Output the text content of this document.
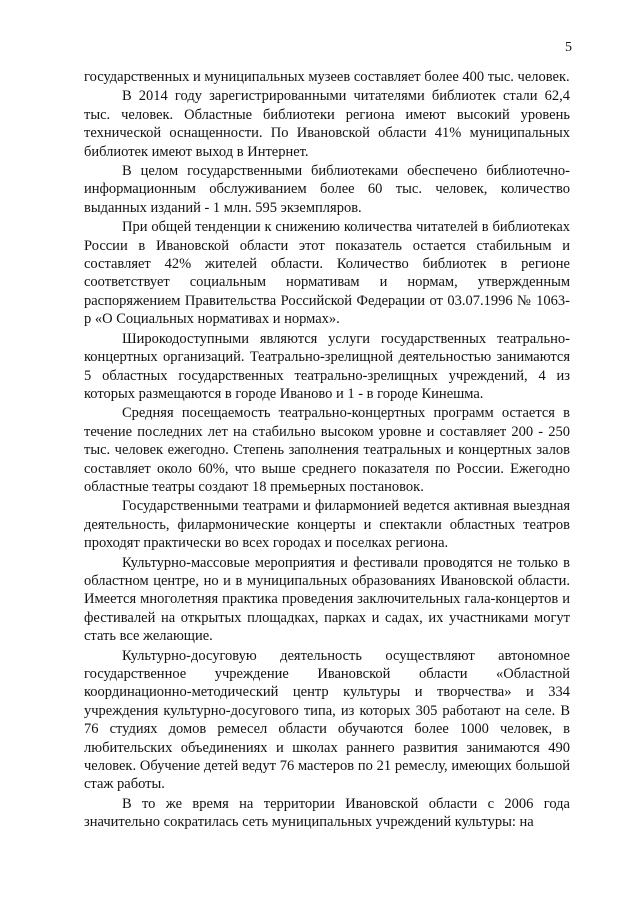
5

государственных и муниципальных музеев составляет более 400 тыс. человек.

В 2014 году зарегистрированными читателями библиотек стали 62,4 тыс. человек. Областные библиотеки региона имеют высокий уровень технической оснащенности. По Ивановской области 41% муниципальных библиотек имеют выход в Интернет.

В целом государственными библиотеками обеспечено библиотечно-информационным обслуживанием более 60 тыс. человек, количество выданных изданий - 1 млн. 595 экземпляров.

При общей тенденции к снижению количества читателей в библиотеках России в Ивановской области этот показатель остается стабильным и составляет 42% жителей области. Количество библиотек в регионе соответствует социальным нормативам и нормам, утвержденным распоряжением Правительства Российской Федерации от 03.07.1996 № 1063-р «О Социальных нормативах и нормах».

Широкодоступными являются услуги государственных театрально-концертных организаций. Театрально-зрелищной деятельностью занимаются 5 областных государственных театрально-зрелищных учреждений, 4 из которых размещаются в городе Иваново и 1 - в городе Кинешма.

Средняя посещаемость театрально-концертных программ остается в течение последних лет на стабильно высоком уровне и составляет 200 - 250 тыс. человек ежегодно. Степень заполнения театральных и концертных залов составляет около 60%, что выше среднего показателя по России. Ежегодно областные театры создают 18 премьерных постановок.

Государственными театрами и филармонией ведется активная выездная деятельность, филармонические концерты и спектакли областных театров проходят практически во всех городах и поселках региона.

Культурно-массовые мероприятия и фестивали проводятся не только в областном центре, но и в муниципальных образованиях Ивановской области. Имеется многолетняя практика проведения заключительных гала-концертов и фестивалей на открытых площадках, парках и садах, их участниками могут стать все желающие.

Культурно-досуговую деятельность осуществляют автономное государственное учреждение Ивановской области «Областной координационно-методический центр культуры и творчества» и 334 учреждения культурно-досугового типа, из которых 305 работают на селе. В 76 студиях домов ремесел области обучаются более 1000 человек, в любительских объединениях и школах раннего развития занимаются 490 человек. Обучение детей ведут 76 мастеров по 21 ремеслу, имеющих большой стаж работы.

В то же время на территории Ивановской области с 2006 года значительно сократилась сеть муниципальных учреждений культуры: на
